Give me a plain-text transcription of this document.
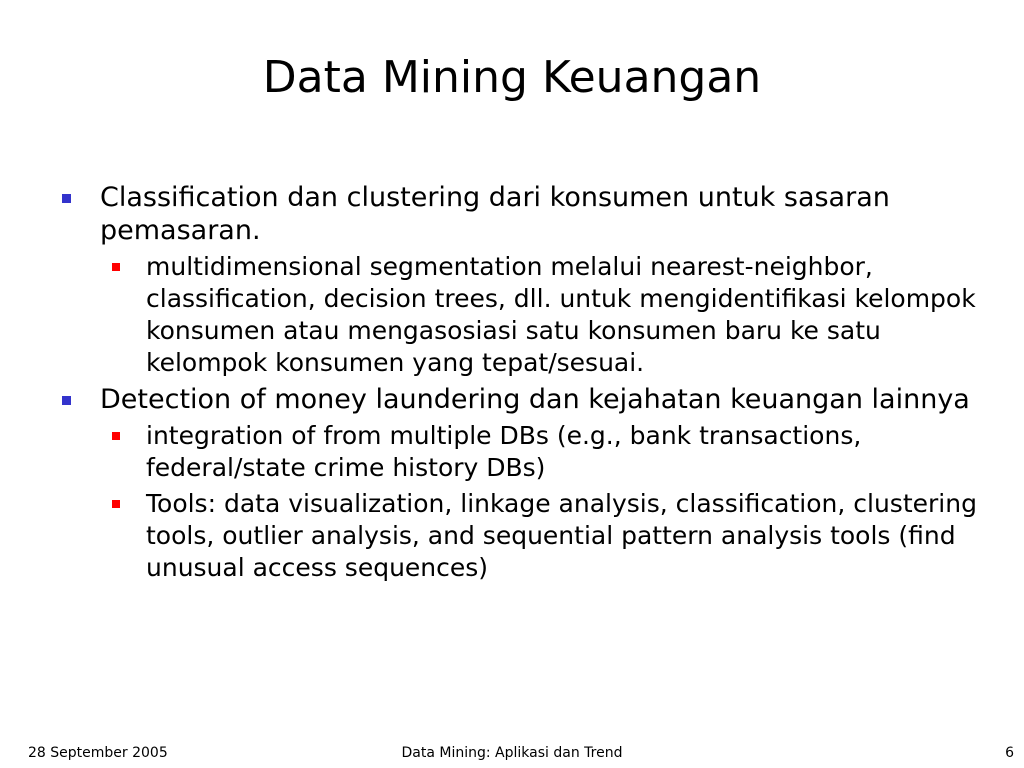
Data Mining Keuangan
Classification dan clustering dari konsumen untuk sasaran pemasaran.
multidimensional segmentation melalui nearest-neighbor, classification, decision trees, dll. untuk mengidentifikasi kelompok konsumen atau mengasosiasi satu konsumen baru ke satu kelompok konsumen yang tepat/sesuai.
Detection of money laundering dan kejahatan keuangan lainnya
integration of from multiple DBs (e.g., bank transactions, federal/state crime history DBs)
Tools: data visualization, linkage analysis, classification, clustering tools, outlier analysis, and sequential pattern analysis tools (find unusual access sequences)
28 September 2005	Data Mining: Aplikasi dan Trend	6
